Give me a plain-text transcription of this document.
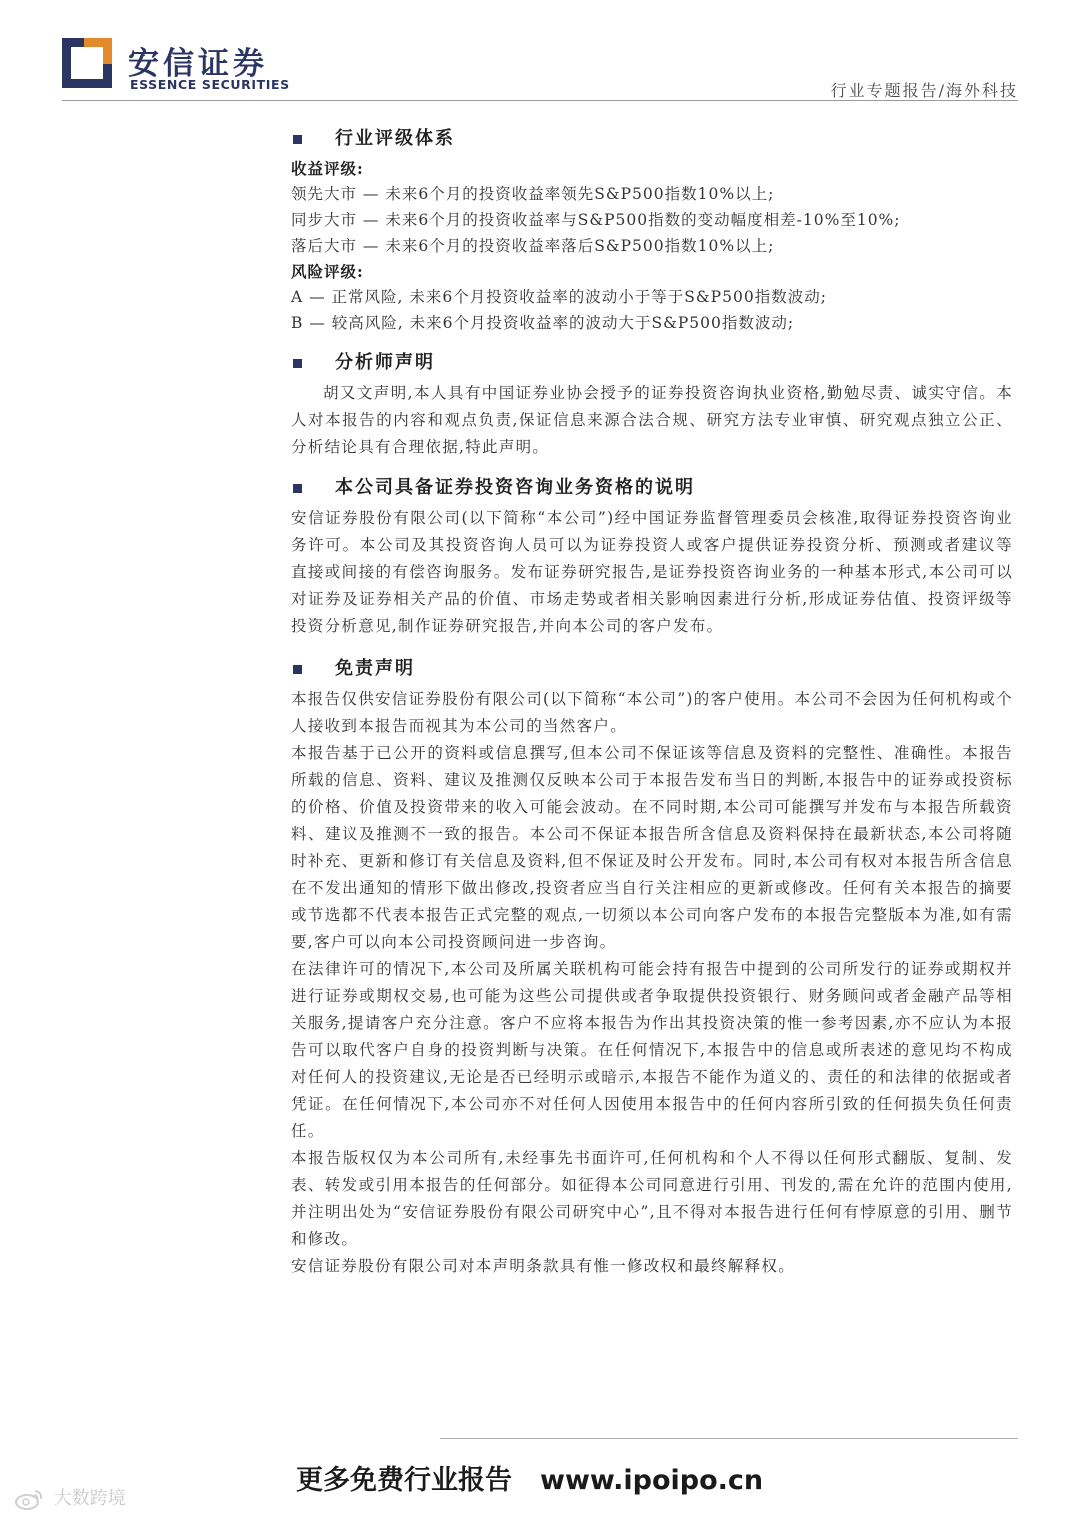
安信证券
ESSENCE SECURITIES	行业专题报告/海外科技
行业评级体系
收益评级:
领先大市 — 未来6个月的投资收益率领先S&P500指数10%以上;
同步大市 — 未来6个月的投资收益率与S&P500指数的变动幅度相差-10%至10%;
落后大市 — 未来6个月的投资收益率落后S&P500指数10%以上;
风险评级:
A — 正常风险, 未来6个月投资收益率的波动小于等于S&P500指数波动;
B — 较高风险, 未来6个月投资收益率的波动大于S&P500指数波动;
分析师声明

胡又文声明,本人具有中国证券业协会授予的证券投资咨询执业资格,勤勉尽责、诚实守信。本人对本报告的内容和观点负责,保证信息来源合法合规、研究方法专业审慎、研究观点独立公正、分析结论具有合理依据,特此声明。

本公司具备证券投资咨询业务资格的说明

安信证券股份有限公司(以下简称“本公司”)经中国证券监督管理委员会核准,取得证券投资咨询业务许可。本公司及其投资咨询人员可以为证券投资人或客户提供证券投资分析、预测或者建议等直接或间接的有偿咨询服务。发布证券研究报告,是证券投资咨询业务的一种基本形式,本公司可以对证券及证券相关产品的价值、市场走势或者相关影响因素进行分析,形成证券估值、投资评级等投资分析意见,制作证券研究报告,并向本公司的客户发布。

免责声明

本报告仅供安信证券股份有限公司(以下简称“本公司”)的客户使用。本公司不会因为任何机构或个人接收到本报告而视其为本公司的当然客户。

本报告基于已公开的资料或信息撰写,但本公司不保证该等信息及资料的完整性、准确性。本报告所载的信息、资料、建议及推测仅反映本公司于本报告发布当日的判断,本报告中的证券或投资标的价格、价值及投资带来的收入可能会波动。在不同时期,本公司可能撰写并发布与本报告所载资料、建议及推测不一致的报告。本公司不保证本报告所含信息及资料保持在最新状态,本公司将随时补充、更新和修订有关信息及资料,但不保证及时公开发布。同时,本公司有权对本报告所含信息在不发出通知的情形下做出修改,投资者应当自行关注相应的更新或修改。任何有关本报告的摘要或节选都不代表本报告正式完整的观点,一切须以本公司向客户发布的本报告完整版本为准,如有需要,客户可以向本公司投资顾问进一步咨询。

在法律许可的情况下,本公司及所属关联机构可能会持有报告中提到的公司所发行的证券或期权并进行证券或期权交易,也可能为这些公司提供或者争取提供投资银行、财务顾问或者金融产品等相关服务,提请客户充分注意。客户不应将本报告为作出其投资决策的惟一参考因素,亦不应认为本报告可以取代客户自身的投资判断与决策。在任何情况下,本报告中的信息或所表述的意见均不构成对任何人的投资建议,无论是否已经明示或暗示,本报告不能作为道义的、责任的和法律的依据或者凭证。在任何情况下,本公司亦不对任何人因使用本报告中的任何内容所引致的任何损失负任何责任。

本报告版权仅为本公司所有,未经事先书面许可,任何机构和个人不得以任何形式翻版、复制、发表、转发或引用本报告的任何部分。如征得本公司同意进行引用、刊发的,需在允许的范围内使用,并注明出处为“安信证券股份有限公司研究中心”,且不得对本报告进行任何有悖原意的引用、删节和修改。

安信证券股份有限公司对本声明条款具有惟一修改权和最终解释权。

更多免费行业报告 www.ipoipo.cn
大数跨境
